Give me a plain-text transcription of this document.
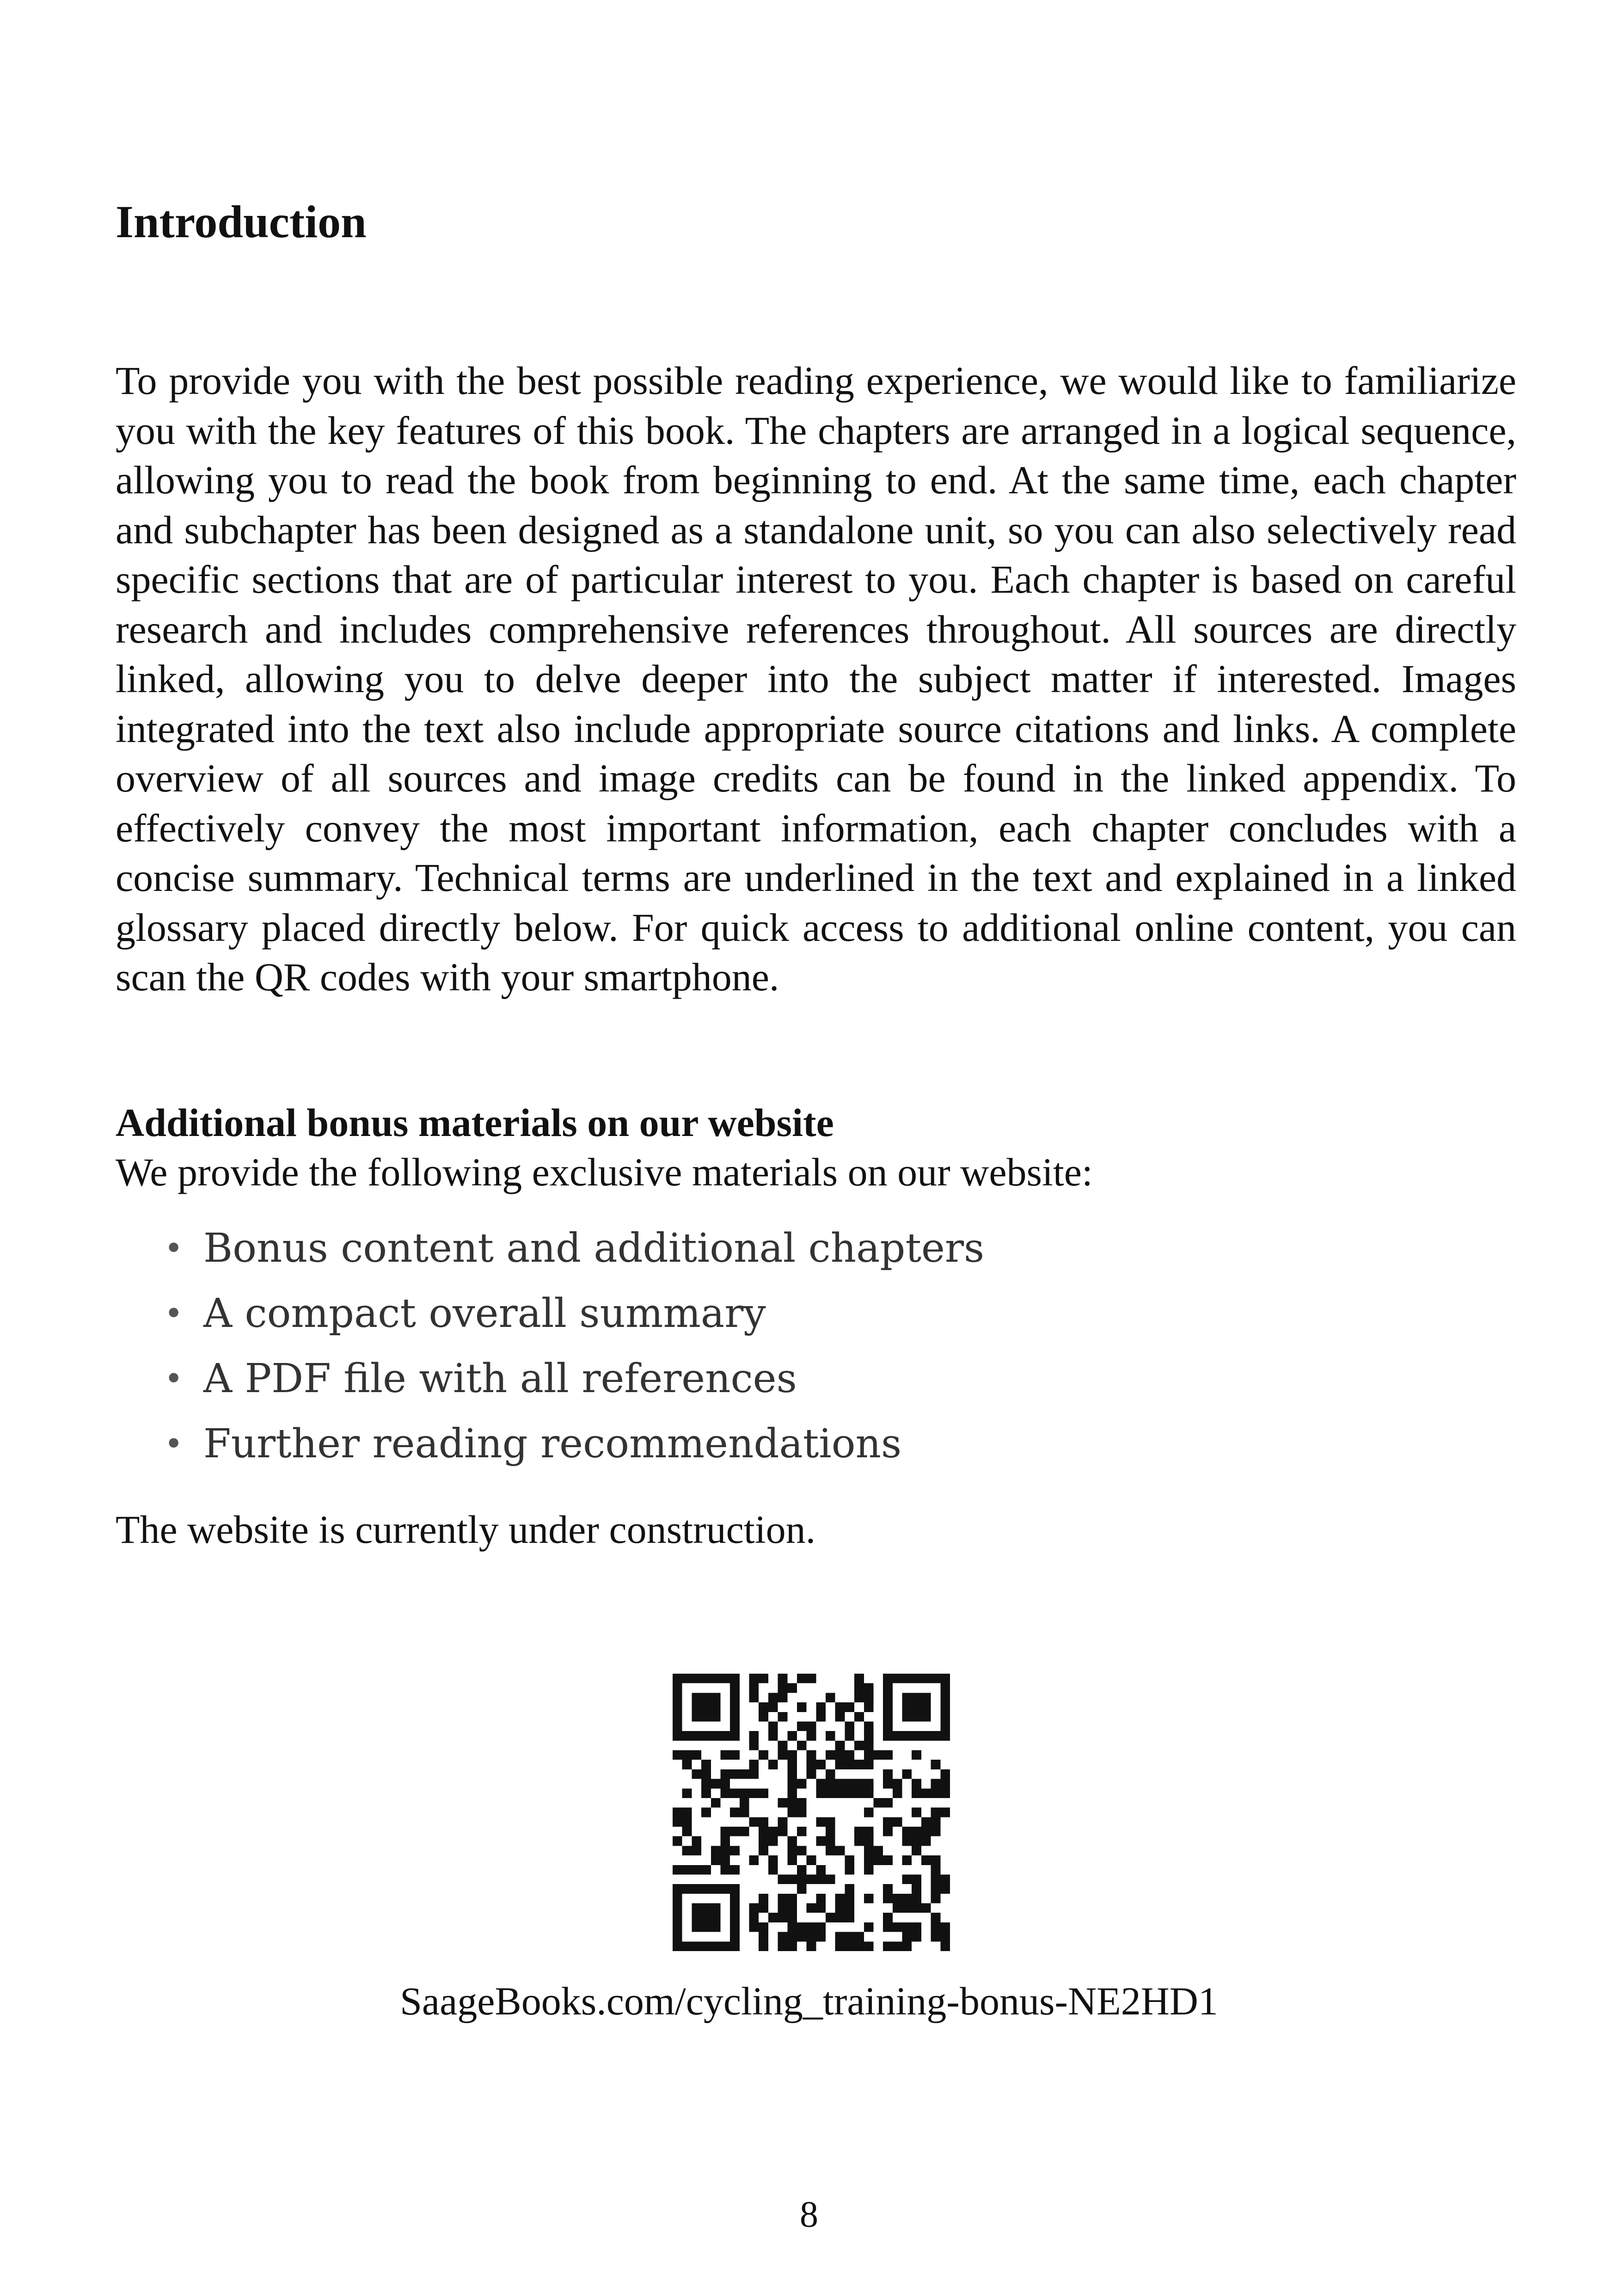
Introduction

To provide you with the best possible reading experience, we would like to familiarize you with the key features of this book. The chapters are arranged in a logical sequence, allowing you to read the book from beginning to end. At the same time, each chapter and subchapter has been designed as a standalone unit, so you can also selectively read specific sections that are of particular interest to you. Each chapter is based on careful research and includes comprehensive references throughout. All sources are directly linked, allowing you to delve deeper into the subject matter if interested. Images integrated into the text also include appropriate source citations and links. A complete overview of all sources and image credits can be found in the linked appendix. To effectively convey the most important information, each chapter concludes with a concise summary. Technical terms are underlined in the text and explained in a linked glossary placed directly below. For quick access to additional online content, you can scan the QR codes with your smartphone.

Additional bonus materials on our website

We provide the following exclusive materials on our website:

• Bonus content and additional chapters
• A compact overall summary
• A PDF file with all references
• Further reading recommendations

The website is currently under construction.

SaageBooks.com/cycling_training-bonus-NE2HD1

8
